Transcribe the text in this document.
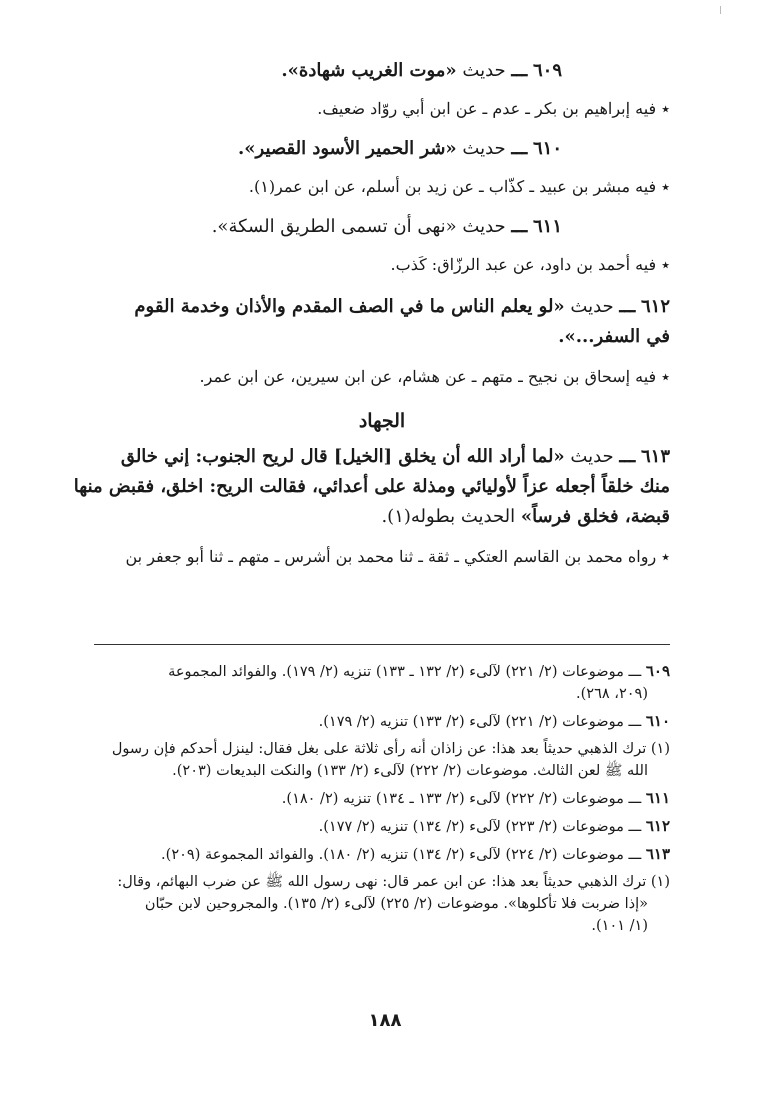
٦٠٩ ـــ حديث «موت الغريب شهادة».
٭ فيه إبراهيم بن بكر ـ عدم ـ عن ابن أبي روّاد ضعيف.
٦١٠ ـــ حديث «شر الحمير الأسود القصير».
٭ فيه مبشر بن عبيد ـ كذّاب ـ عن زيد بن أسلم، عن ابن عمر(١).
٦١١ ـــ حديث «نهى أن تسمى الطريق السكة».
٭ فيه أحمد بن داود، عن عبد الرزّاق: كَذب.
٦١٢ ـــ حديث «لو يعلم الناس ما في الصف المقدم والأذان وخدمة القوم
في السفر...».
٭ فيه إسحاق بن نجيح ـ متهم ـ عن هشام، عن ابن سيرين، عن ابن عمر.
الجهاد
٦١٣ ـــ حديث «لما أراد الله أن يخلق [الخيل] قال لريح الجنوب: إني خالق
منك خلقاً أجعله عزاً لأوليائي ومذلة على أعدائي، فقالت الريح: اخلق، فقبض منها
قبضة، فخلق فرساً» الحديث بطوله(١).
٭ رواه محمد بن القاسم العتكي ـ ثقة ـ ثنا محمد بن أشرس ـ متهم ـ ثنا أبو جعفر بن
٦٠٩ ـــ موضوعات (٢/ ٢٢١) لآلىء (٢/ ١٣٢ ـ ١٣٣) تنزيه (٢/ ١٧٩). والفوائد المجموعة
(٢٠٩، ٢٦٨).
٦١٠ ـــ موضوعات (٢/ ٢٢١) لآلىء (٢/ ١٣٣) تنزيه (٢/ ١٧٩).
(١) ترك الذهبي حديثاً بعد هذا: عن زاذان أنه رأى ثلاثة على بغل فقال: لينزل أحدكم فإن رسول
الله ﷺ لعن الثالث. موضوعات (٢/ ٢٢٢) لآلىء (٢/ ١٣٣) والنكت البديعات (٢٠٣).
٦١١ ـــ موضوعات (٢/ ٢٢٢) لآلىء (٢/ ١٣٣ ـ ١٣٤) تنزيه (٢/ ١٨٠).
٦١٢ ـــ موضوعات (٢/ ٢٢٣) لآلىء (٢/ ١٣٤) تنزيه (٢/ ١٧٧).
٦١٣ ـــ موضوعات (٢/ ٢٢٤) لآلىء (٢/ ١٣٤) تنزيه (٢/ ١٨٠). والفوائد المجموعة (٢٠٩).
(١) ترك الذهبي حديثاً بعد هذا: عن ابن عمر قال: نهى رسول الله ﷺ عن ضرب البهائم، وقال:
«إذا ضربت فلا تأكلوها». موضوعات (٢/ ٢٢٥) لآلىء (٢/ ١٣٥). والمجروحين لابن حبّان
(١/ ١٠١).
١٨٨
